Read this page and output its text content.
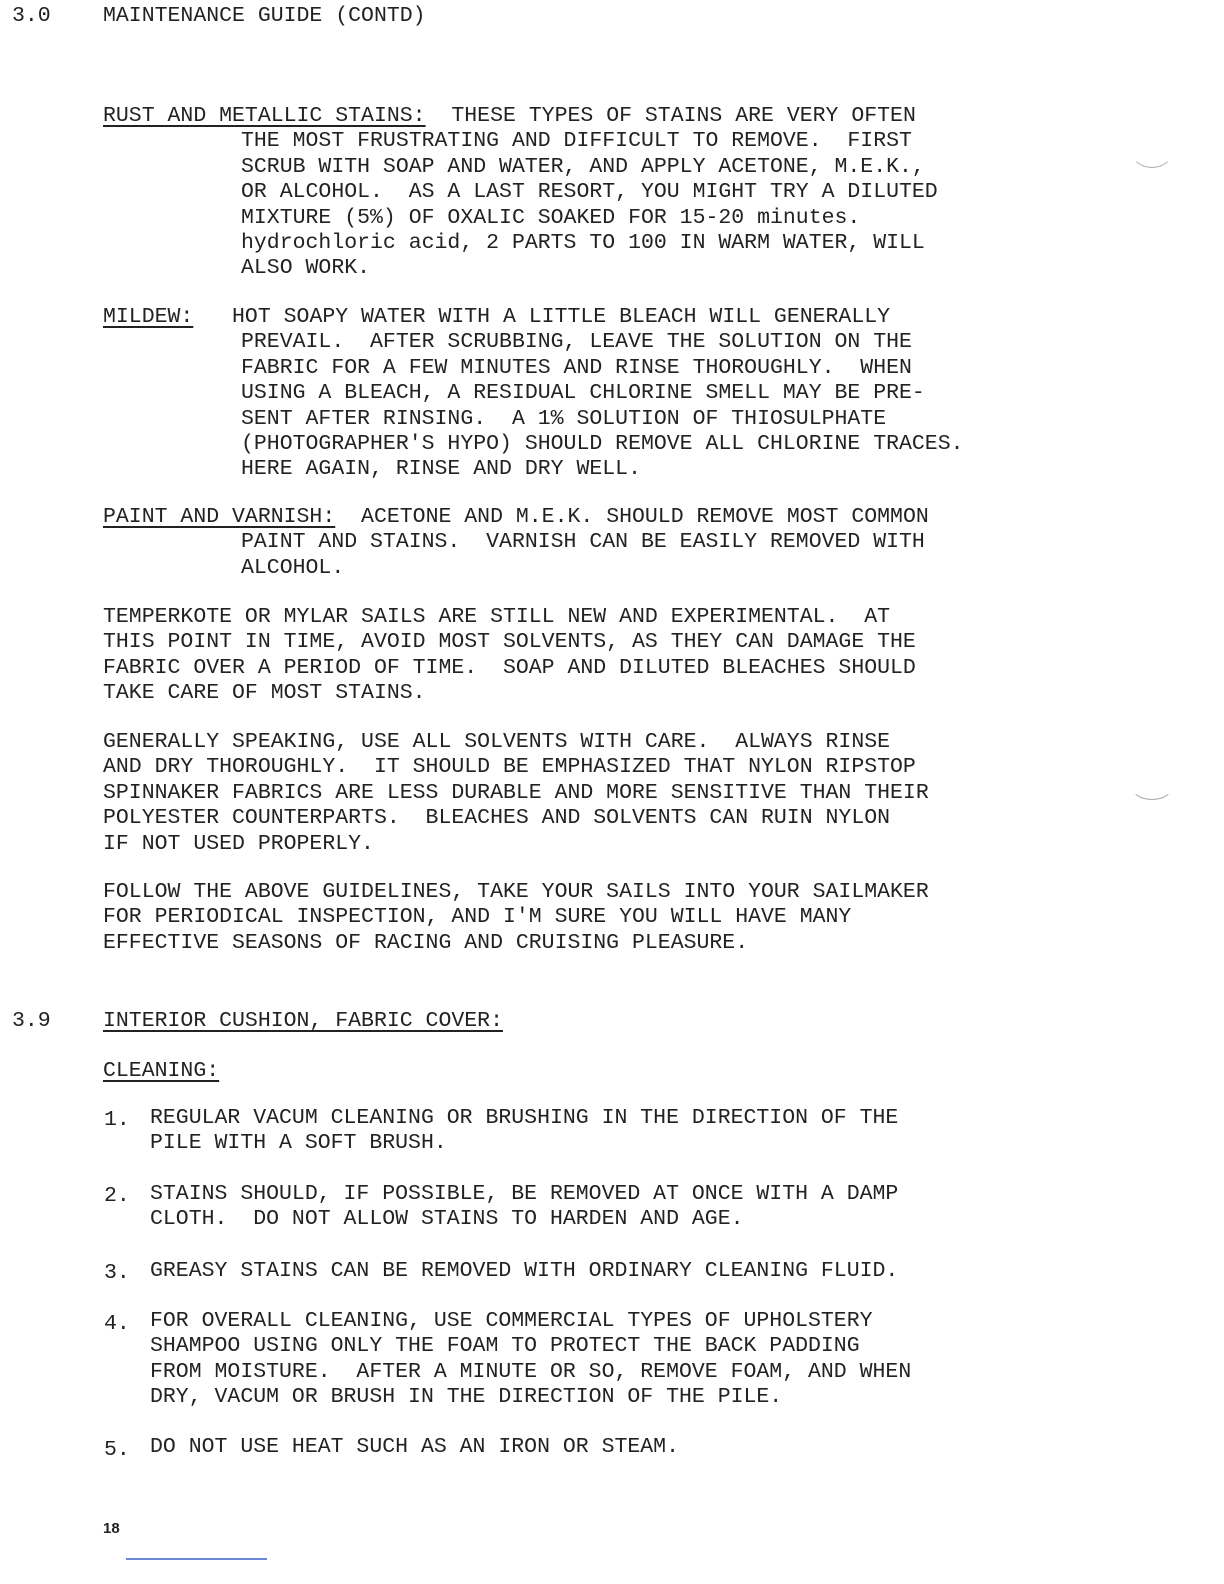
3.0 MAINTENANCE GUIDE (CONTD)
RUST AND METALLIC STAINS:  THESE TYPES OF STAINS ARE VERY OFTEN
THE MOST FRUSTRATING AND DIFFICULT TO REMOVE.  FIRST
SCRUB WITH SOAP AND WATER, AND APPLY ACETONE, M.E.K.,
OR ALCOHOL.  AS A LAST RESORT, YOU MIGHT TRY A DILUTED
MIXTURE (5%) OF OXALIC SOAKED FOR 15-20 minutes.
hydrochloric acid, 2 PARTS TO 100 IN WARM WATER, WILL
ALSO WORK.
MILDEW:   HOT SOAPY WATER WITH A LITTLE BLEACH WILL GENERALLY
PREVAIL.  AFTER SCRUBBING, LEAVE THE SOLUTION ON THE
FABRIC FOR A FEW MINUTES AND RINSE THOROUGHLY.  WHEN
USING A BLEACH, A RESIDUAL CHLORINE SMELL MAY BE PRE-
SENT AFTER RINSING.  A 1% SOLUTION OF THIOSULPHATE
(PHOTOGRAPHER'S HYPO) SHOULD REMOVE ALL CHLORINE TRACES.
HERE AGAIN, RINSE AND DRY WELL.
PAINT AND VARNISH:  ACETONE AND M.E.K. SHOULD REMOVE MOST COMMON
PAINT AND STAINS.  VARNISH CAN BE EASILY REMOVED WITH
ALCOHOL.
TEMPERKOTE OR MYLAR SAILS ARE STILL NEW AND EXPERIMENTAL.  AT
THIS POINT IN TIME, AVOID MOST SOLVENTS, AS THEY CAN DAMAGE THE
FABRIC OVER A PERIOD OF TIME.  SOAP AND DILUTED BLEACHES SHOULD
TAKE CARE OF MOST STAINS.
GENERALLY SPEAKING, USE ALL SOLVENTS WITH CARE.  ALWAYS RINSE
AND DRY THOROUGHLY.  IT SHOULD BE EMPHASIZED THAT NYLON RIPSTOP
SPINNAKER FABRICS ARE LESS DURABLE AND MORE SENSITIVE THAN THEIR
POLYESTER COUNTERPARTS.  BLEACHES AND SOLVENTS CAN RUIN NYLON
IF NOT USED PROPERLY.
FOLLOW THE ABOVE GUIDELINES, TAKE YOUR SAILS INTO YOUR SAILMAKER
FOR PERIODICAL INSPECTION, AND I'M SURE YOU WILL HAVE MANY
EFFECTIVE SEASONS OF RACING AND CRUISING PLEASURE.
3.9 INTERIOR CUSHION, FABRIC COVER:
CLEANING:
1. REGULAR VACUM CLEANING OR BRUSHING IN THE DIRECTION OF THE
PILE WITH A SOFT BRUSH.
2. STAINS SHOULD, IF POSSIBLE, BE REMOVED AT ONCE WITH A DAMP
CLOTH.  DO NOT ALLOW STAINS TO HARDEN AND AGE.
3. GREASY STAINS CAN BE REMOVED WITH ORDINARY CLEANING FLUID.
4. FOR OVERALL CLEANING, USE COMMERCIAL TYPES OF UPHOLSTERY
SHAMPOO USING ONLY THE FOAM TO PROTECT THE BACK PADDING
FROM MOISTURE.  AFTER A MINUTE OR SO, REMOVE FOAM, AND WHEN
DRY, VACUM OR BRUSH IN THE DIRECTION OF THE PILE.
5. DO NOT USE HEAT SUCH AS AN IRON OR STEAM.
18
